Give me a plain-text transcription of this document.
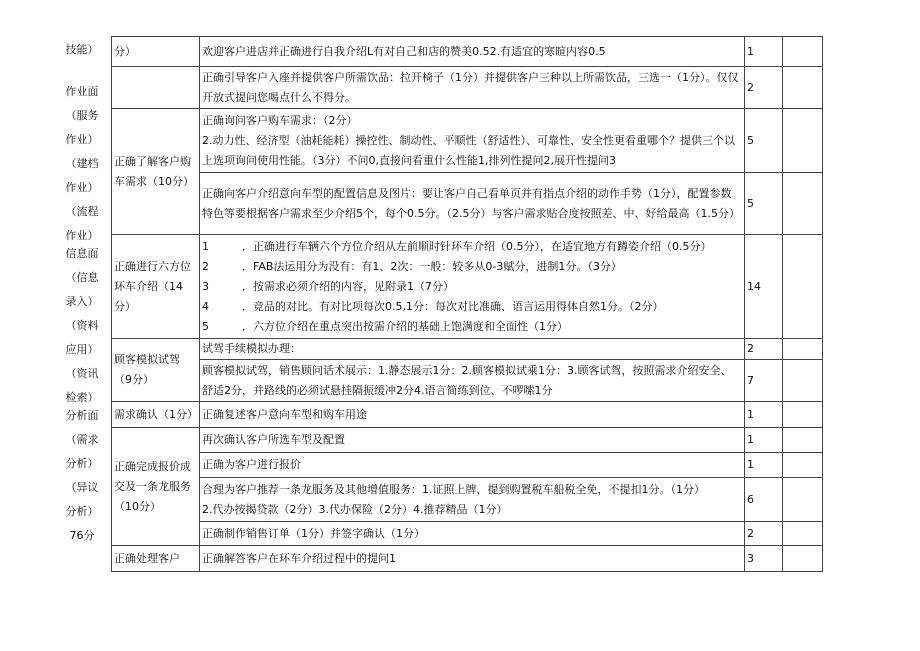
技能）
作业面
（服务
作业）
（建档
作业）
（流程
作业）
信息面
（信息
录入）
（资料
应用）
（资讯
检索）
分析面
（需求
分析）
（异议
分析）
76分
分）	欢迎客户进店并正确进行自我介绍L有对自己和店的赞美0.52.有适宜的寒暄内容0.5	1	

	正确引导客户入座并提供客户所需饮品：拉开椅子（1分）并提供客户三种以上所需饮品，三选一（1分）。仅仅开放式提问您喝点什么不得分。	2	
正确了解客户购车需求（10分）	正确询问客户购车需求：（2分）
2.动力性、经济型（油耗能耗）操控性、制动性、平顺性（舒适性）、可靠性、安全性更看重哪个？提供三个以上选项询问使用性能。（3分）不问0,直接问看重什么性能1,排列性提问2,展开性提问3	5	

	正确向客户介绍意向车型的配置信息及图片：要让客户自己看单页并有指点介绍的动作手势（1分），配置参数特色等要根据客户需求至少介绍5个，每个0.5分。（2.5分）与客户需求贴合度按照差、中、好给最高（1.5分）	5	
正确进行六方位环车介绍（14分）	1 ．正确进行车辆六个方位介绍从左前顺时针环车介绍（0.5分），在适宜地方有蹲姿介绍（0.5分）
2 ．FAB法运用分为没有：有1、2次：一般：较多从0-3赋分，进制1分。（3分）
3 ．按需求必须介绍的内容，见附录1（7分）
4 ．竞品的对比。有对比项每次0.5,1分：每次对比准确、语言运用得体自然1分。（2分）
5 ．六方位介绍在重点突出按需介绍的基础上饱满度和全面性（1分）	14	
顾客模拟试驾
（9分）	试驾手续模拟办理：	2	

	顾客模拟试驾，销售顾问话术展示：1.静态展示1分：2.顾客模拟试乘1分：3.顾客试驾，按照需求介绍安全、舒适2分，并路线的必须试悬挂隔振缓冲2分4.语言简练到位、不啰嗦1分	7	
需求确认（1分）	正确复述客户意向车型和购车用途	1	
正确完成报价成交及一条龙服务（10分）	再次确认客户所选车型及配置	1	

	正确为客户进行报价	1	

	合理为客户推荐一条龙服务及其他增值服务：1.证照上牌，提到购置税车船税全免，不提扣1分。（1分）
2.代办按揭贷款（2分）3.代办保险（2分）4.推荐精品（1分）	6	

	正确制作销售订单（1分）并签字确认（1分）	2	
正确处理客户	正确解答客户在环车介绍过程中的提问1	3	
